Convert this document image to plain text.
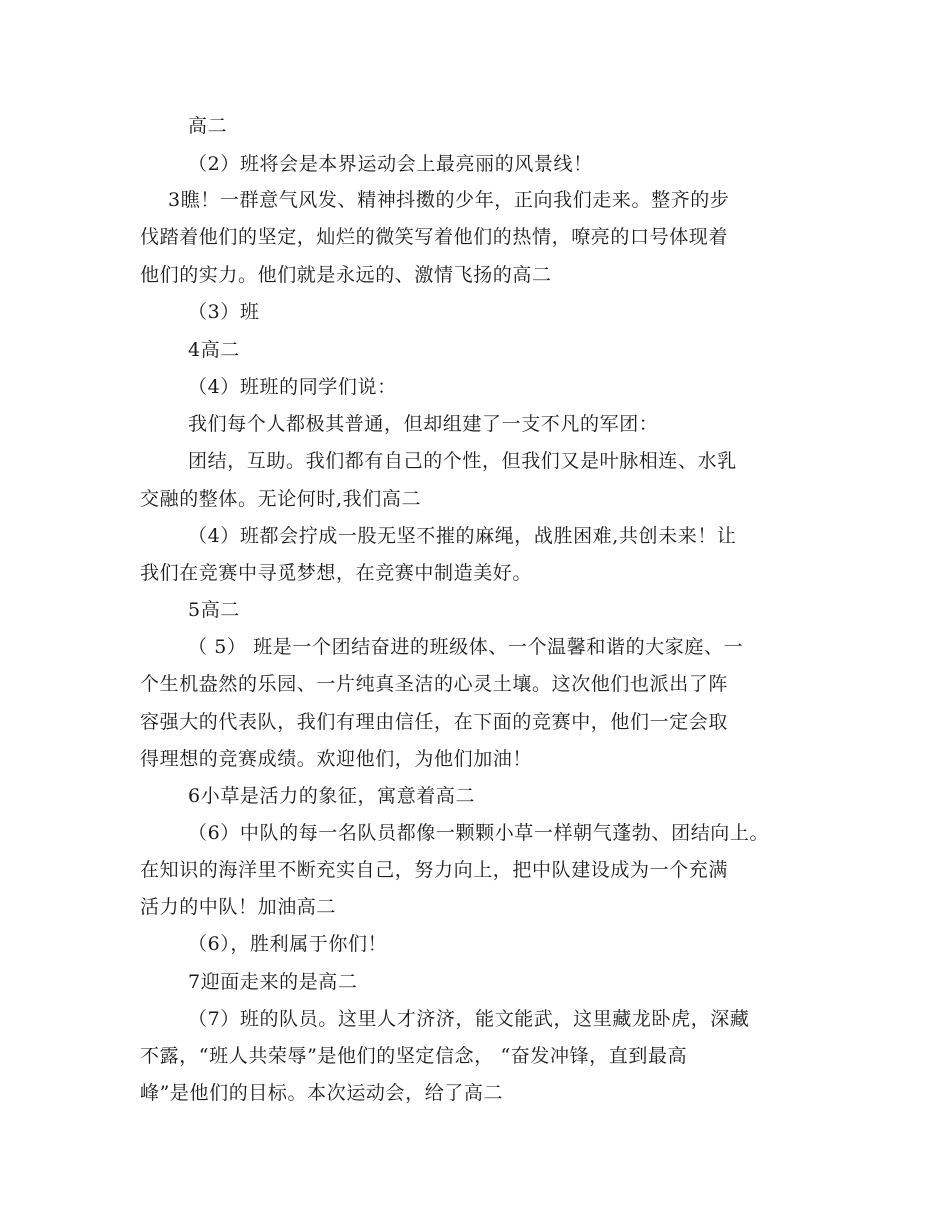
高二
（2）班将会是本界运动会上最亮丽的风景线！
3瞧！一群意气风发、精神抖擞的少年，正向我们走来。整齐的步
伐踏着他们的坚定，灿烂的微笑写着他们的热情，嘹亮的口号体现着
他们的实力。他们就是永远的、激情飞扬的高二
（3）班
4高二
（4）班班的同学们说：
我们每个人都极其普通，但却组建了一支不凡的军团：
团结，互助。我们都有自己的个性，但我们又是叶脉相连、水乳
交融的整体。无论何时,我们高二
（4）班都会拧成一股无坚不摧的麻绳，战胜困难,共创未来！让
我们在竞赛中寻觅梦想，在竞赛中制造美好。
5高二
（ 5） 班是一个团结奋进的班级体、一个温馨和谐的大家庭、一
个生机盎然的乐园、一片纯真圣洁的心灵土壤。这次他们也派出了阵
容强大的代表队，我们有理由信任，在下面的竞赛中，他们一定会取
得理想的竞赛成绩。欢迎他们，为他们加油！
6小草是活力的象征，寓意着高二
（6）中队的每一名队员都像一颗颗小草一样朝气蓬勃、团结向上。
在知识的海洋里不断充实自己，努力向上，把中队建设成为一个充满
活力的中队！加油高二
（6），胜利属于你们！
7迎面走来的是高二
（7）班的队员。这里人才济济，能文能武，这里藏龙卧虎，深藏
不露，“班人共荣辱”是他们的坚定信念， “奋发冲锋，直到最高
峰”是他们的目标。本次运动会，给了高二
